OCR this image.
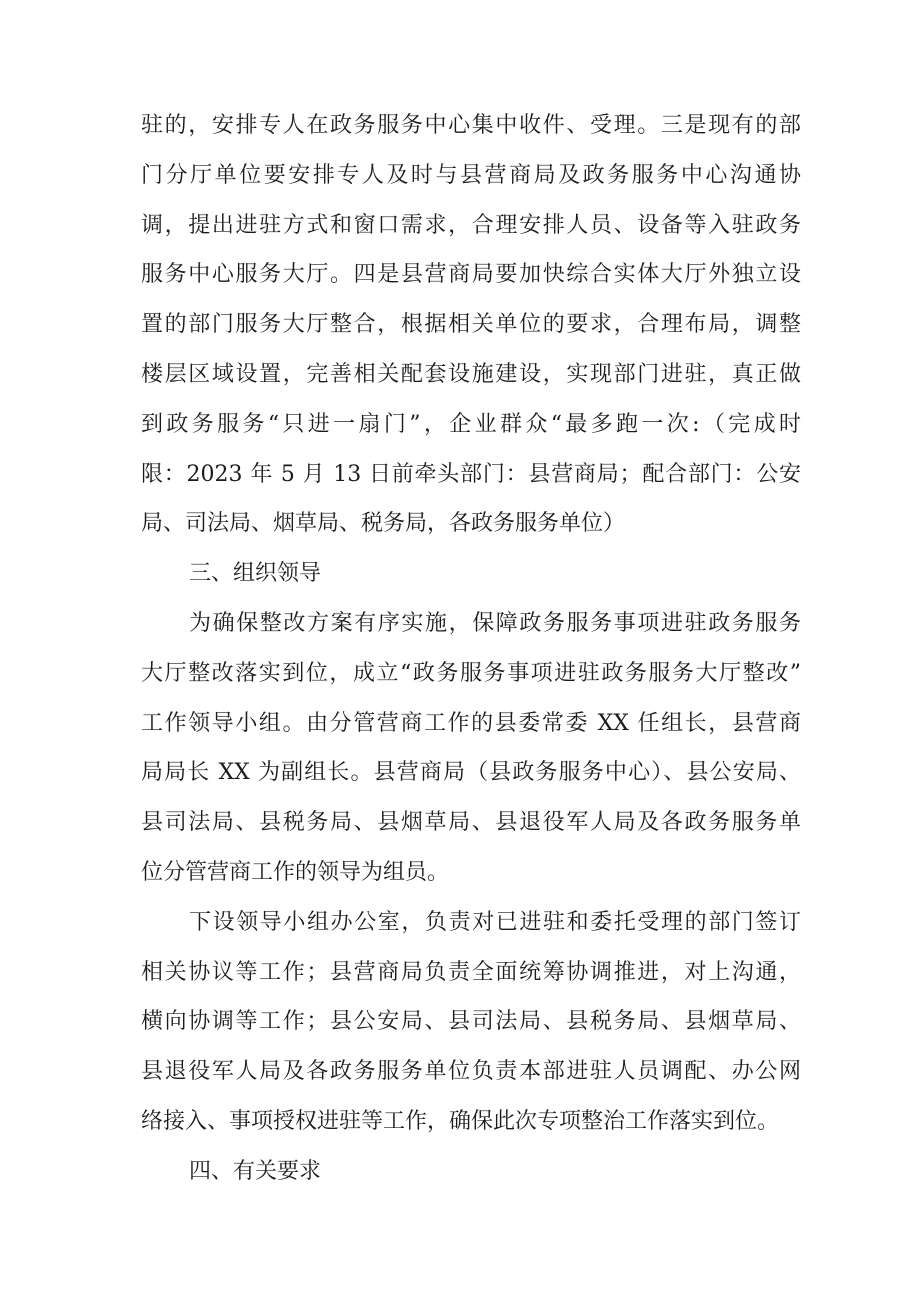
驻的，安排专人在政务服务中心集中收件、受理。三是现有的部
门分厅单位要安排专人及时与县营商局及政务服务中心沟通协
调，提出进驻方式和窗口需求，合理安排人员、设备等入驻政务
服务中心服务大厅。四是县营商局要加快综合实体大厅外独立设
置的部门服务大厅整合，根据相关单位的要求，合理布局，调整
楼层区域设置，完善相关配套设施建设，实现部门进驻，真正做
到政务服务“只进一扇门”，企业群众“最多跑一次:（完成时
限：2023 年 5 月 13 日前牵头部门：县营商局；配合部门：公安
局、司法局、烟草局、税务局，各政务服务单位）
三、组织领导
为确保整改方案有序实施，保障政务服务事项进驻政务服务
大厅整改落实到位，成立“政务服务事项进驻政务服务大厅整改”
工作领导小组。由分管营商工作的县委常委 XX 任组长，县营商
局局长 XX 为副组长。县营商局（县政务服务中心）、县公安局、
县司法局、县税务局、县烟草局、县退役军人局及各政务服务单
位分管营商工作的领导为组员。
下设领导小组办公室，负责对已进驻和委托受理的部门签订
相关协议等工作；县营商局负责全面统筹协调推进，对上沟通，
横向协调等工作；县公安局、县司法局、县税务局、县烟草局、
县退役军人局及各政务服务单位负责本部进驻人员调配、办公网
络接入、事项授权进驻等工作，确保此次专项整治工作落实到位。
四、有关要求
